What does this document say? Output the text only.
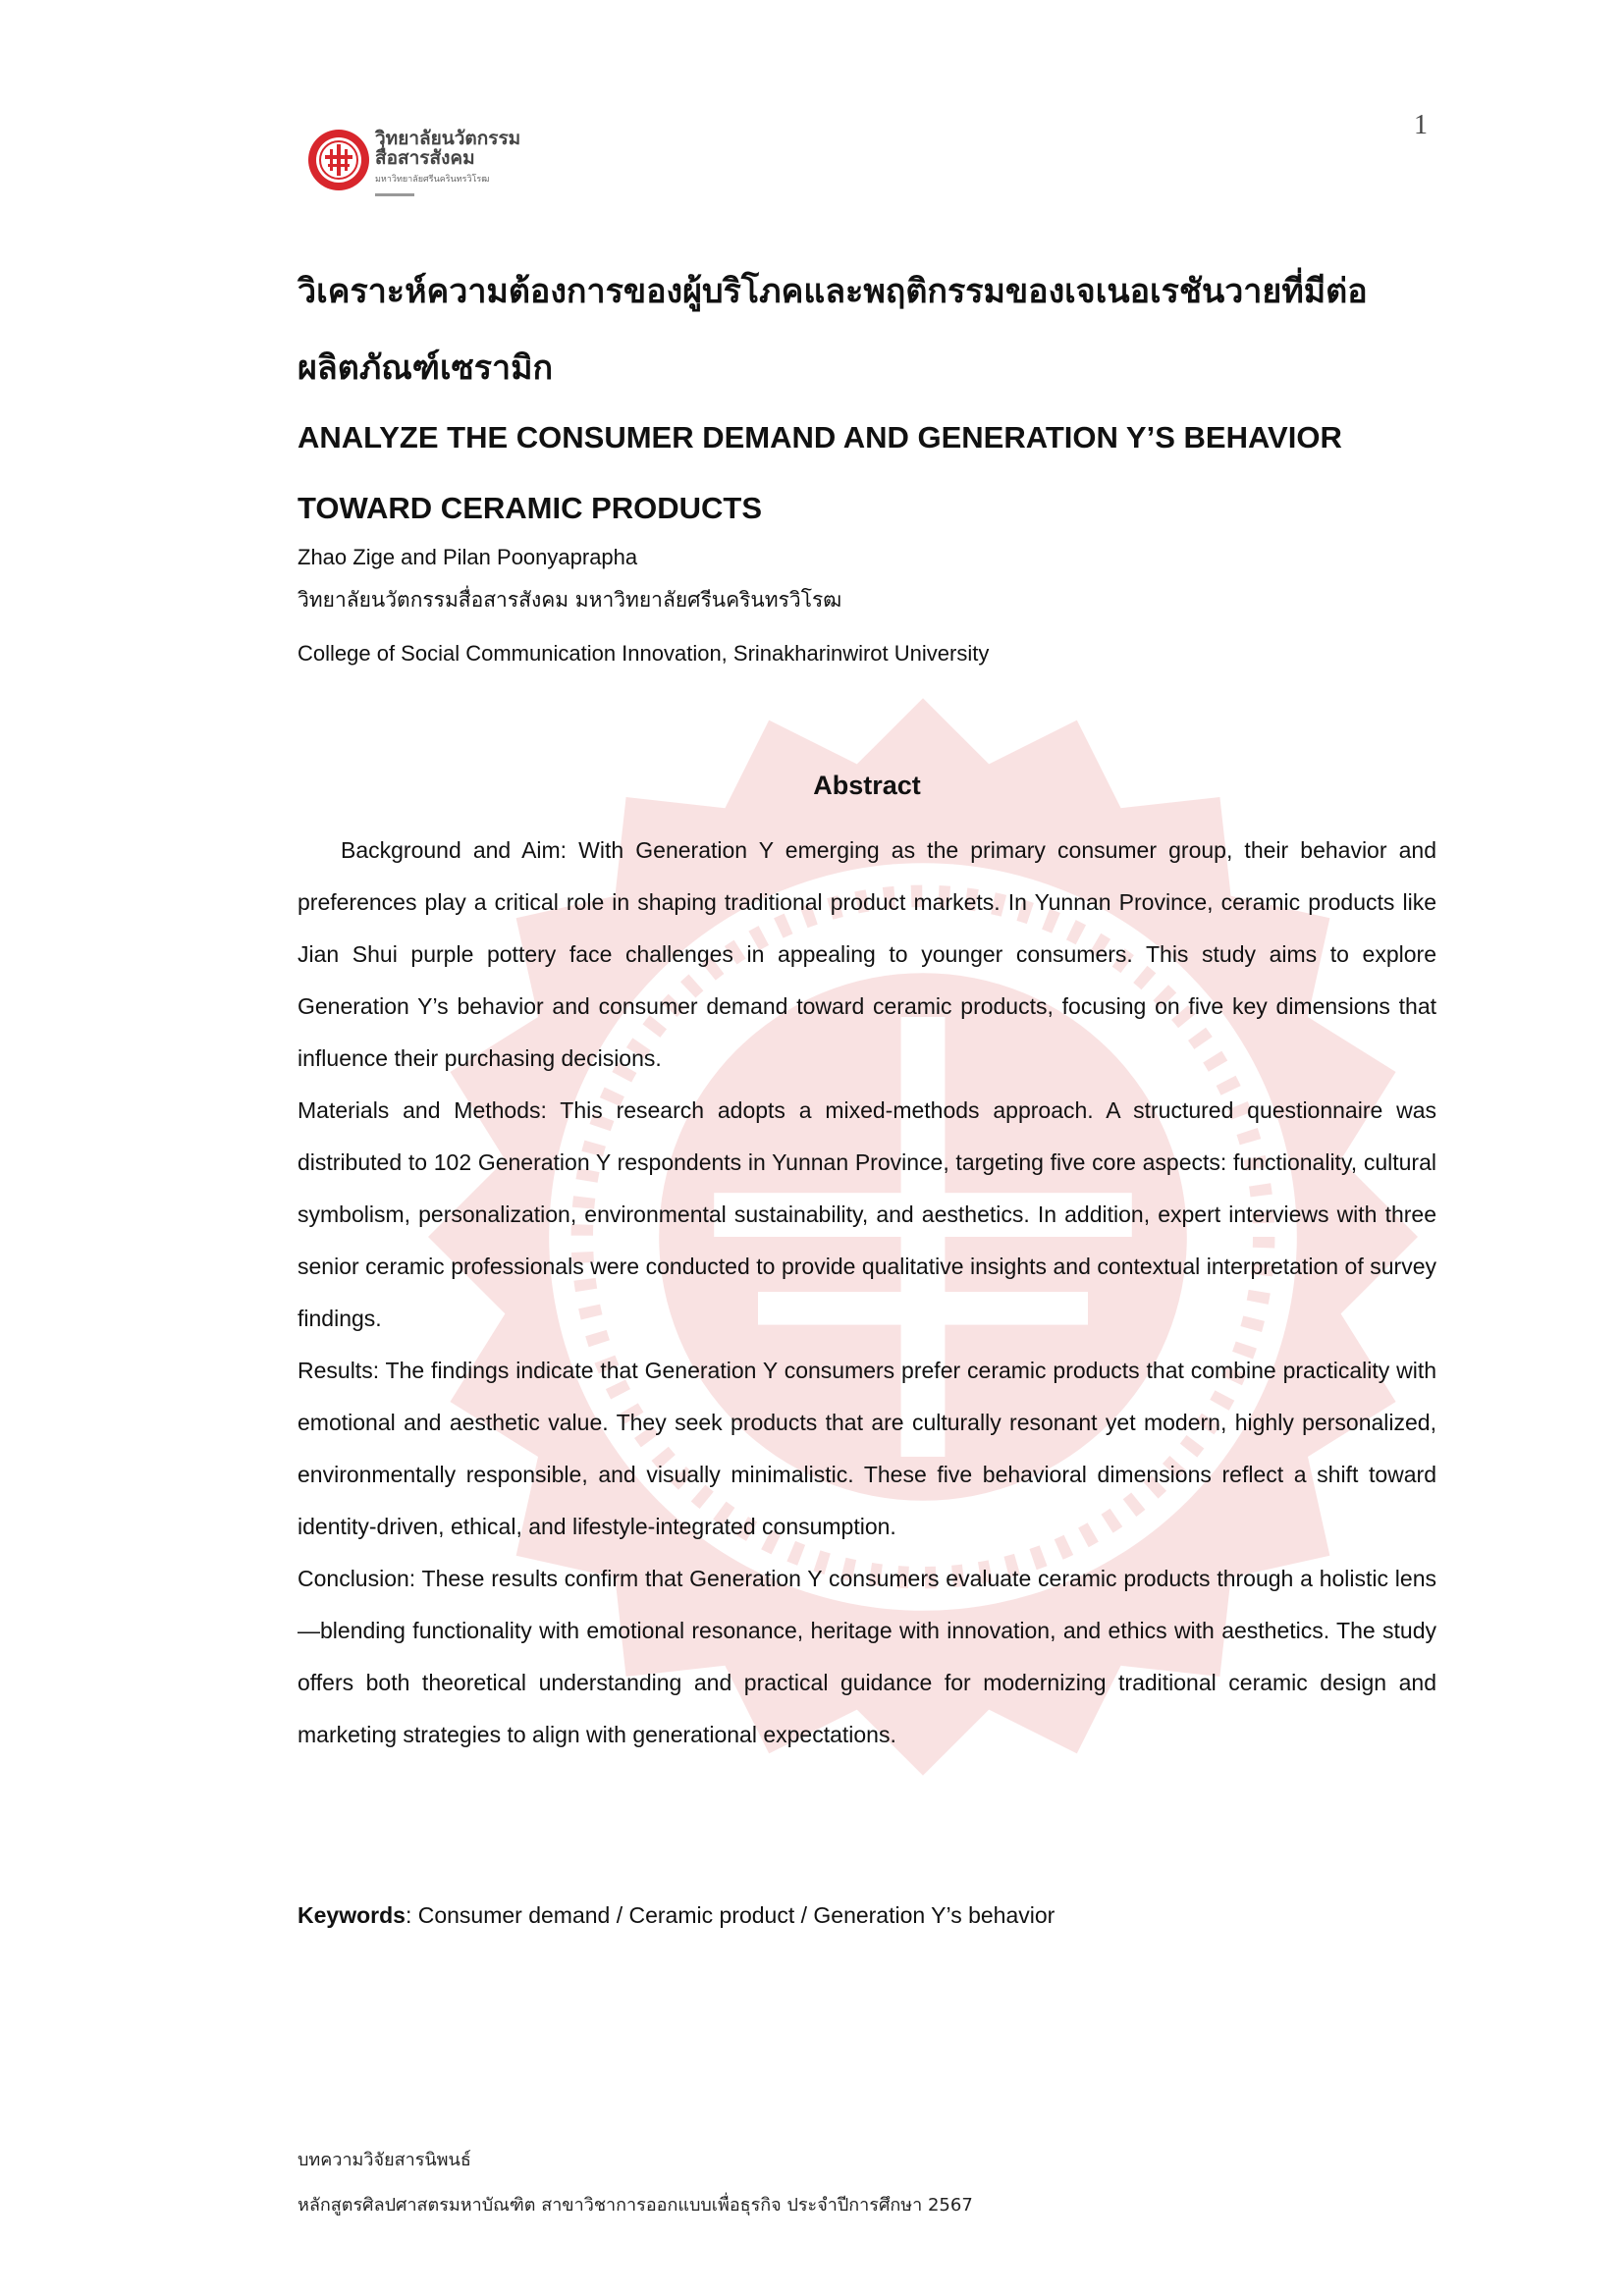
วิทยาลัยนวัตกรรม
สื่อสารสังคม
มหาวิทยาลัยศรีนครินทรวิโรฒ
1
วิเคราะห์ความต้องการของผู้บริโภคและพฤติกรรมของเจเนอเรชันวายที่มีต่อผลิตภัณฑ์เซรามิก
ANALYZE THE CONSUMER DEMAND AND GENERATION Y’S BEHAVIOR TOWARD CERAMIC PRODUCTS
Zhao Zige and Pilan Poonyaprapha
วิทยาลัยนวัตกรรมสื่อสารสังคม มหาวิทยาลัยศรีนครินทรวิโรฒ
College of Social Communication Innovation, Srinakharinwirot University
Abstract

Background and Aim: With Generation Y emerging as the primary consumer group, their behavior and preferences play a critical role in shaping traditional product markets. In Yunnan Province, ceramic products like Jian Shui purple pottery face challenges in appealing to younger consumers. This study aims to explore Generation Y’s behavior and consumer demand toward ceramic products, focusing on five key dimensions that influence their purchasing decisions.

Materials and Methods: This research adopts a mixed-methods approach. A structured questionnaire was distributed to 102 Generation Y respondents in Yunnan Province, targeting five core aspects: functionality, cultural symbolism, personalization, environmental sustainability, and aesthetics. In addition, expert interviews with three senior ceramic professionals were conducted to provide qualitative insights and contextual interpretation of survey findings.

Results: The findings indicate that Generation Y consumers prefer ceramic products that combine practicality with emotional and aesthetic value. They seek products that are culturally resonant yet modern, highly personalized, environmentally responsible, and visually minimalistic. These five behavioral dimensions reflect a shift toward identity-driven, ethical, and lifestyle-integrated consumption.

Conclusion: These results confirm that Generation Y consumers evaluate ceramic products through a holistic lens—blending functionality with emotional resonance, heritage with innovation, and ethics with aesthetics. The study offers both theoretical understanding and practical guidance for modernizing traditional ceramic design and marketing strategies to align with generational expectations.

Keywords: Consumer demand / Ceramic product / Generation Y’s behavior
บทความวิจัยสารนิพนธ์
หลักสูตรศิลปศาสตรมหาบัณฑิต สาขาวิชาการออกแบบเพื่อธุรกิจ ประจำปีการศึกษา 2567
